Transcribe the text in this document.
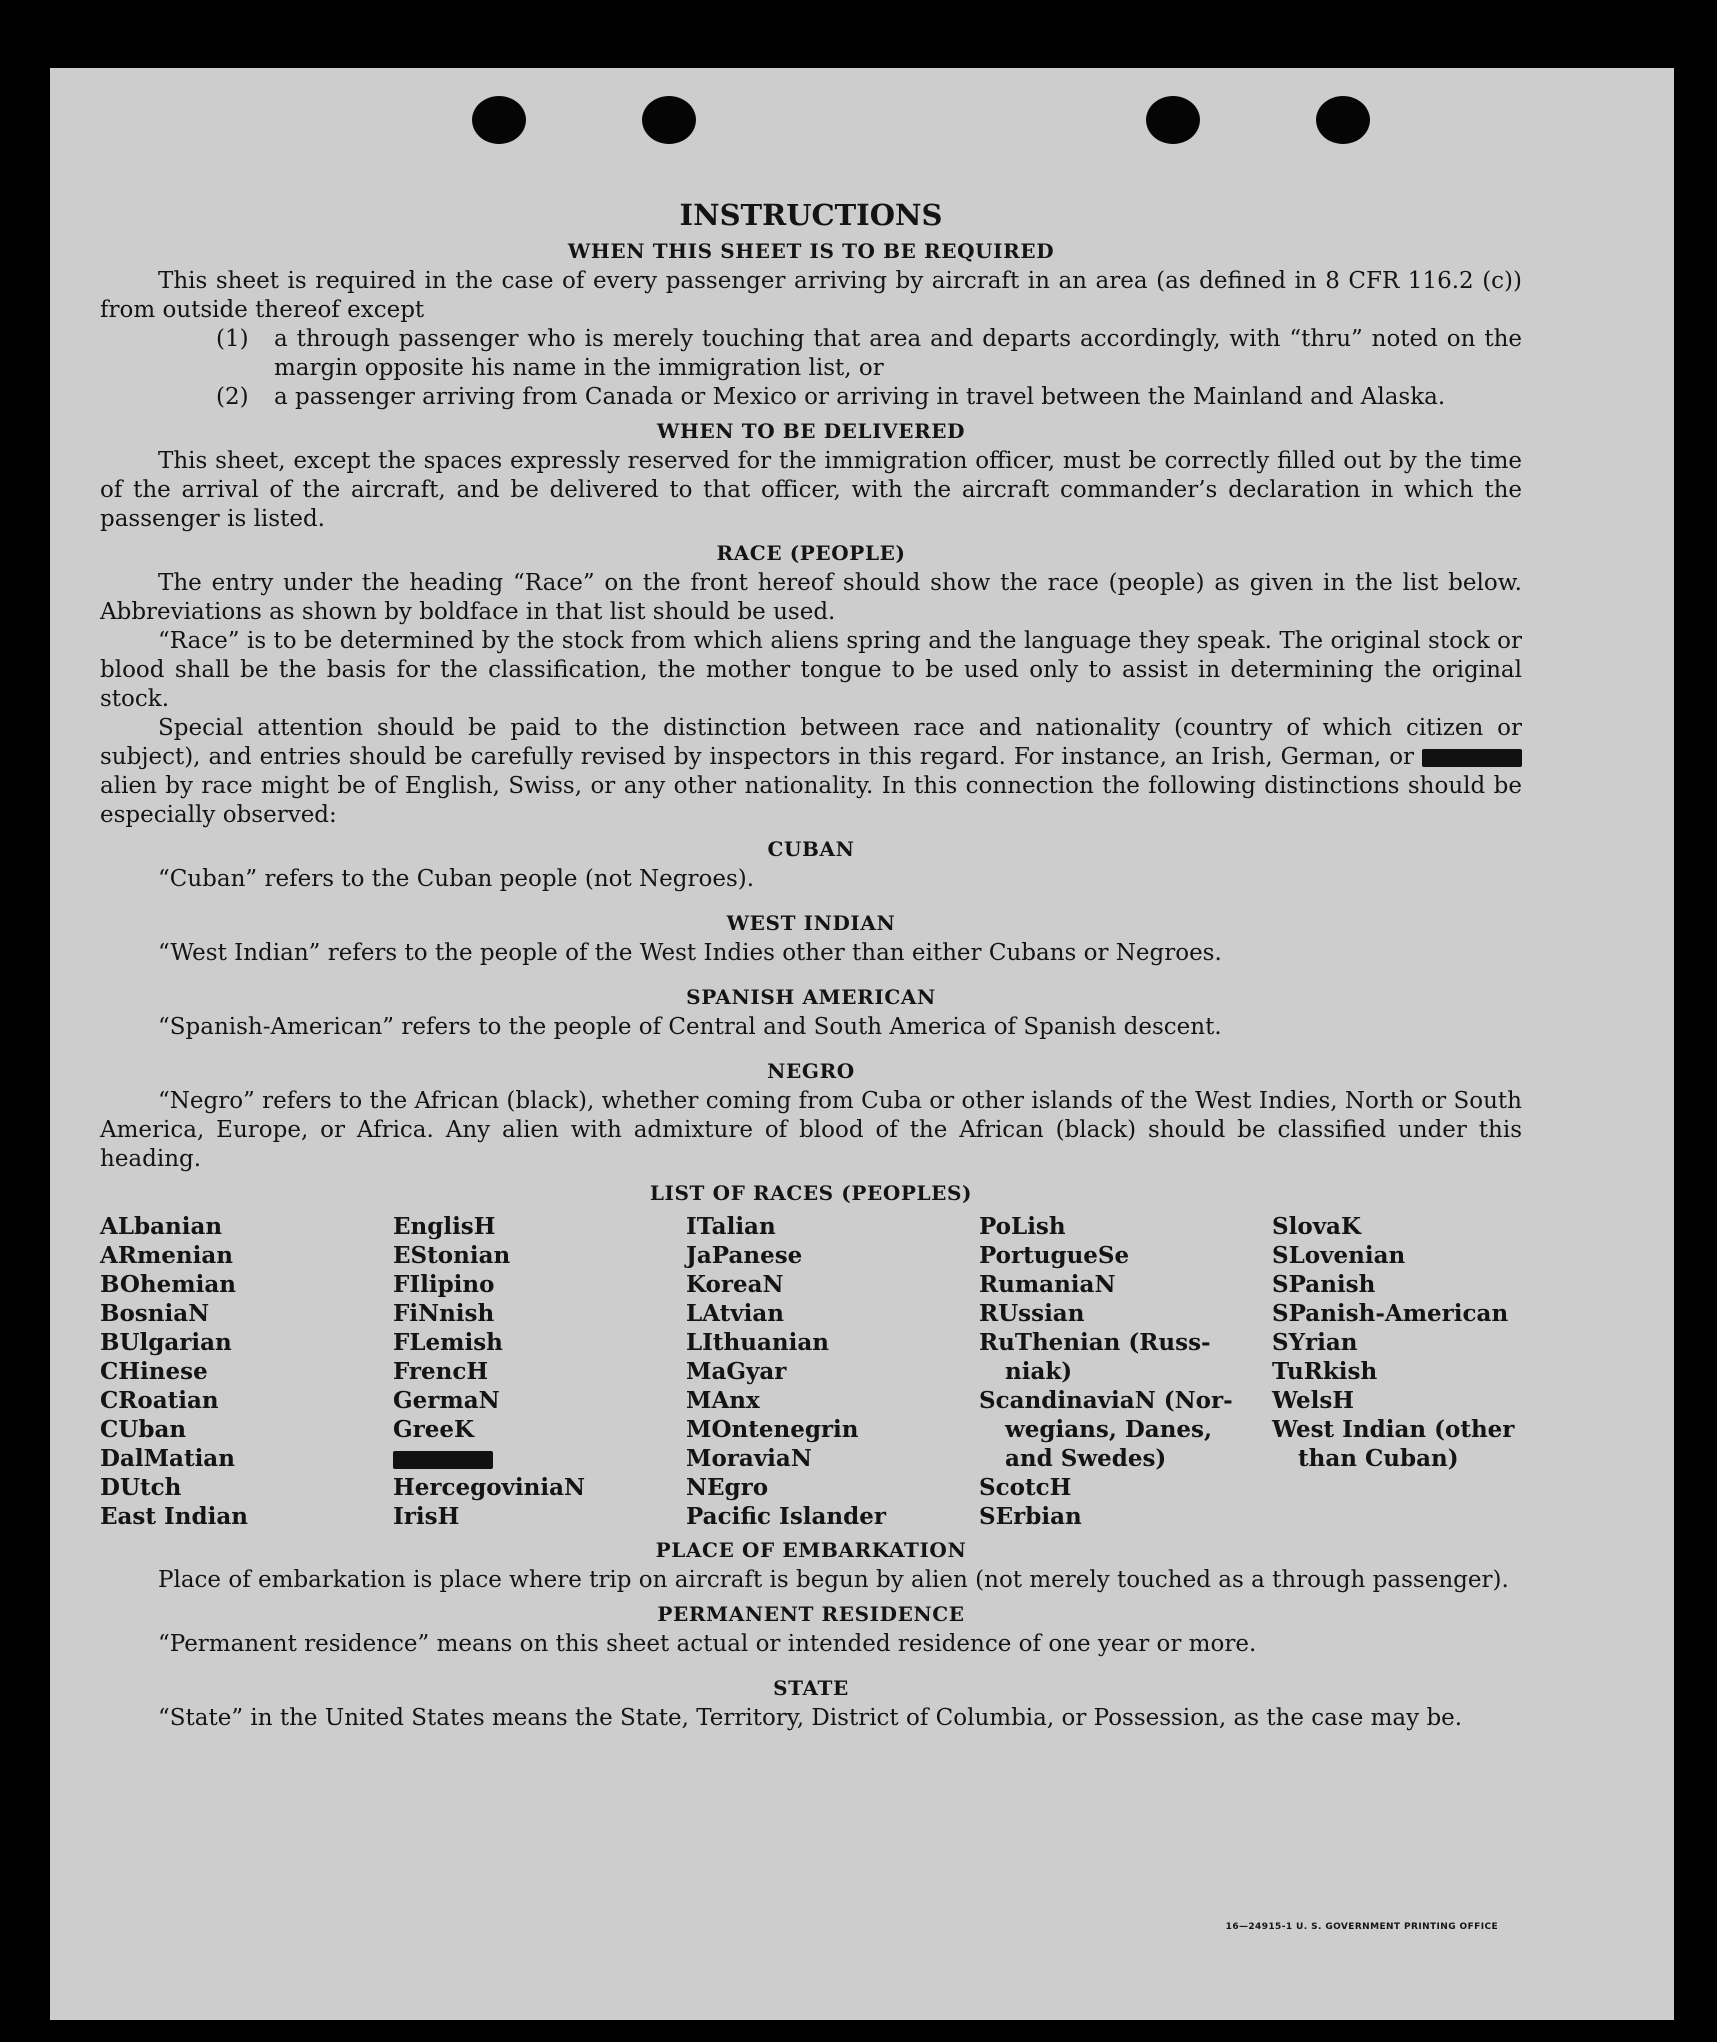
INSTRUCTIONS
WHEN THIS SHEET IS TO BE REQUIRED

This sheet is required in the case of every passenger arriving by aircraft in an area (as defined in 8 CFR 116.2 (c)) from outside thereof except

(1)	a through passenger who is merely touching that area and departs accordingly, with “thru” noted on the margin opposite his name in the immigration list, or
(2)	a passenger arriving from Canada or Mexico or arriving in travel between the Mainland and Alaska.
WHEN TO BE DELIVERED

This sheet, except the spaces expressly reserved for the immigration officer, must be correctly filled out by the time of the arrival of the aircraft, and be delivered to that officer, with the aircraft commander’s declaration in which the passenger is listed.

RACE (PEOPLE)

The entry under the heading “Race” on the front hereof should show the race (people) as given in the list below. Abbreviations as shown by boldface in that list should be used.

“Race” is to be determined by the stock from which aliens spring and the language they speak. The original stock or blood shall be the basis for the classification, the mother tongue to be used only to assist in determining the original stock.

Special attention should be paid to the distinction between race and nationality (country of which citizen or subject), and entries should be carefully revised by inspectors in this regard. For instance, an Irish, German, or  alien by race might be of English, Swiss, or any other nationality. In this connection the following distinctions should be especially observed:

CUBAN

“Cuban” refers to the Cuban people (not Negroes).

WEST INDIAN

“West Indian” refers to the people of the West Indies other than either Cubans or Negroes.

SPANISH AMERICAN

“Spanish-American” refers to the people of Central and South America of Spanish descent.

NEGRO

“Negro” refers to the African (black), whether coming from Cuba or other islands of the West Indies, North or South America, Europe, or Africa. Any alien with admixture of blood of the African (black) should be classified under this heading.

LIST OF RACES (PEOPLES)
ALbanian
ARmenian
BOhemian
BosniaN
BUlgarian
CHinese
CRoatian
CUban
DalMatian
DUtch
East Indian
EnglisH
EStonian
FIlipino
FiNnish
FLemish
FrencH
GermaN
GreeK
HercegoviniaN
IrisH
ITalian
JaPanese
KoreaN
LAtvian
LIthuanian
MaGyar
MAnx
MOntenegrin
MoraviaN
NEgro
Pacific Islander
PoLish
PortugueSe
RumaniaN
RUssian
RuThenian (Russ-
niak)
ScandinaviaN (Nor-
wegians, Danes,
and Swedes)
ScotcH
SErbian
SlovaK
SLovenian
SPanish
SPanish-American
SYrian
TuRkish
WelsH
West Indian (other
than Cuban)
PLACE OF EMBARKATION

Place of embarkation is place where trip on aircraft is begun by alien (not merely touched as a through passenger).

PERMANENT RESIDENCE

“Permanent residence” means on this sheet actual or intended residence of one year or more.

STATE

“State” in the United States means the State, Territory, District of Columbia, or Possession, as the case may be.

16—24915-1 U. S. GOVERNMENT PRINTING OFFICE
